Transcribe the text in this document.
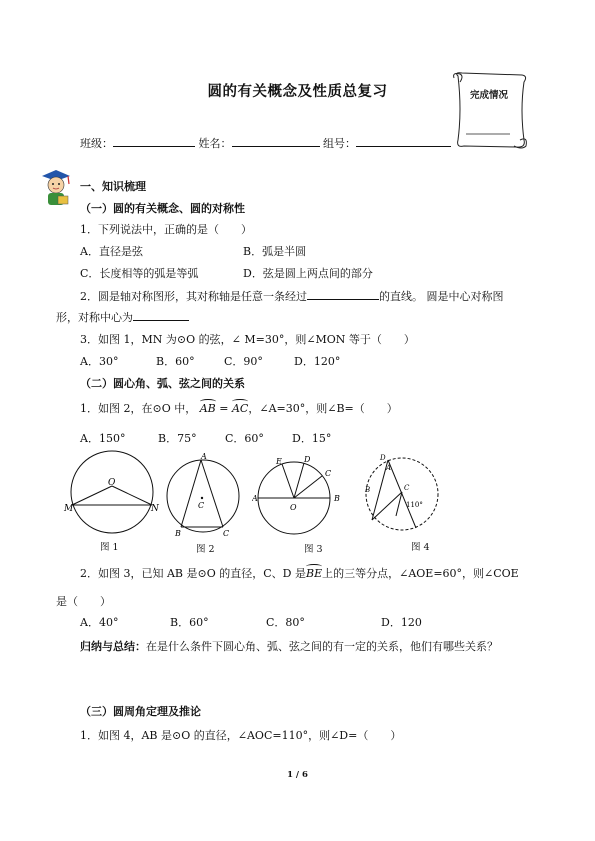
圆的有关概念及性质总复习	完成情况
班级：	姓名：	组号：
一、知识梳理
（一）圆的有关概念、圆的对称性
1．下列说法中，正确的是（　　）
A．直径是弦	B．弧是半圆
C．长度相等的弧是等弧	D．弦是圆上两点间的部分
2．圆是轴对称图形，其对称轴是任意一条经过	的直线。 圆是中心对称图
形，对称中心为
3．如图 1，MN 为⊙O 的弦，∠ M=30°，则∠MON 等于（　　）
A．30°	B．60°	C．90°	D．120°
（二）圆心角、弧、弦之间的关系
1．如图 2，在⊙O 中， AB = AC，∠A=30°，则∠B=（　　）
A．150°	B．75°	C．60°	D．15°
O
M	N
A
C
B	C
E	D
C
A
O
B
D
A
B	C
110°
图 1	图 2	图 3	图 4
2．如图 3，已知 AB 是⊙O 的直径，C、D 是BE上的三等分点，∠AOE=60°，则∠COE
是（　　）
A．40°	B．60°	C．80°	D．120
归纳与总结：在是什么条件下圆心角、弧、弦之间的有一定的关系，他们有哪些关系？
（三）圆周角定理及推论
1．如图 4，AB 是⊙O 的直径，∠AOC=110°，则∠D=（　　）
1 / 6
